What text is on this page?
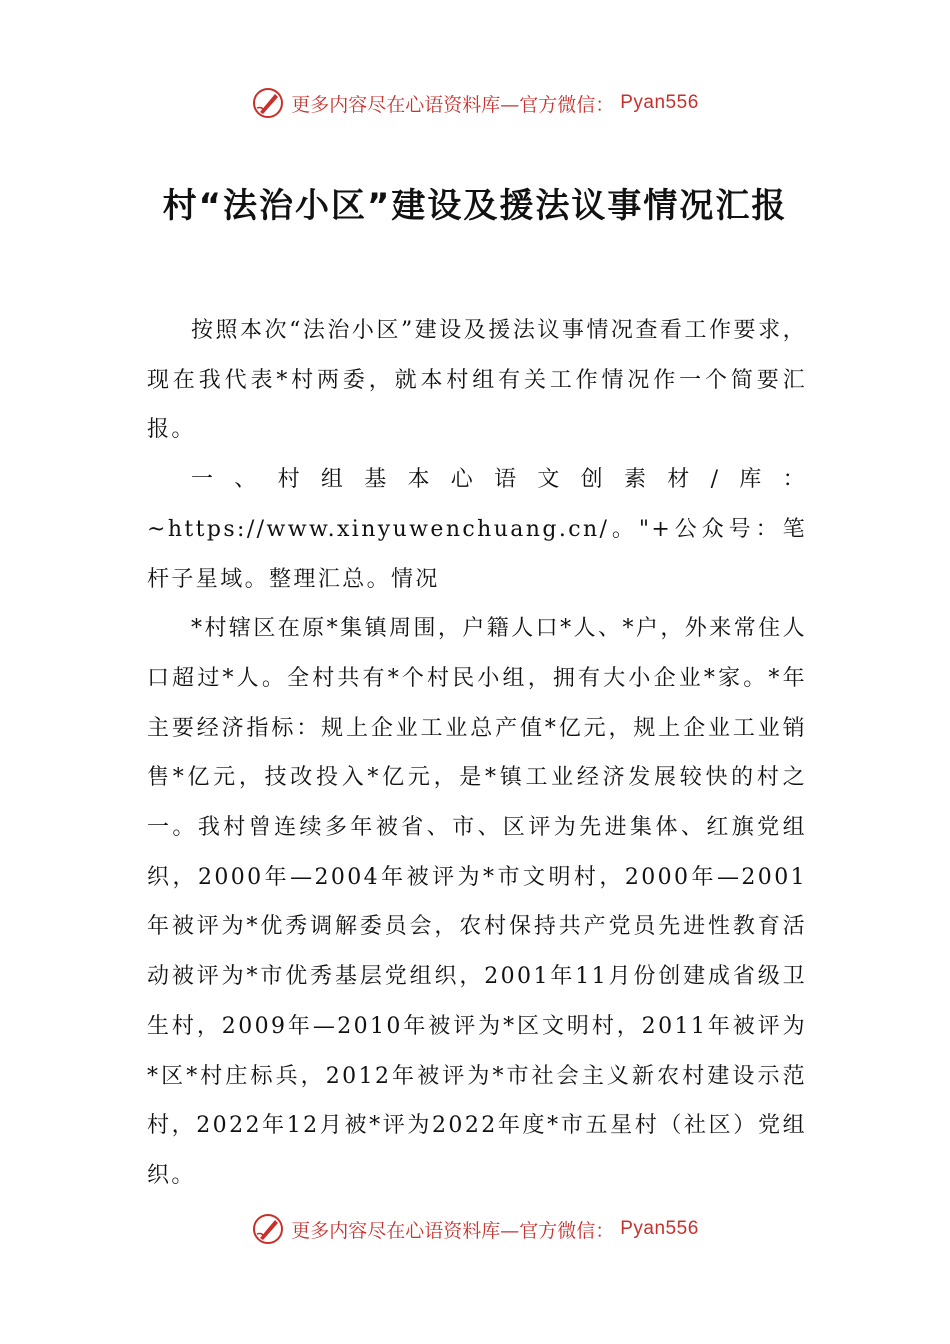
更多内容尽在心语资料库—官方微信： Pyan556
村“法治小区”建设及援法议事情况汇报

按照本次“法治小区”建设及援法议事情况查看工作要求，现在我代表*村两委，就本村组有关工作情况作一个简要汇报。

一、村组基本心语文创素材/库：~https://www.xinyuwenchuang.cn/。"+公众号：笔杆子星域。整理汇总。情况

*村辖区在原*集镇周围，户籍人口*人、*户，外来常住人口超过*人。全村共有*个村民小组，拥有大小企业*家。*年主要经济指标：规上企业工业总产值*亿元，规上企业工业销售*亿元，技改投入*亿元，是*镇工业经济发展较快的村之一。我村曾连续多年被省、市、区评为先进集体、红旗党组织，2000年—2004年被评为*市文明村，2000年—2001年被评为*优秀调解委员会，农村保持共产党员先进性教育活动被评为*市优秀基层党组织，2001年11月份创建成省级卫生村，2009年—2010年被评为*区文明村，2011年被评为*区*村庄标兵，2012年被评为*市社会主义新农村建设示范村，2022年12月被*评为2022年度*市五星村（社区）党组织。

更多内容尽在心语资料库—官方微信： Pyan556
